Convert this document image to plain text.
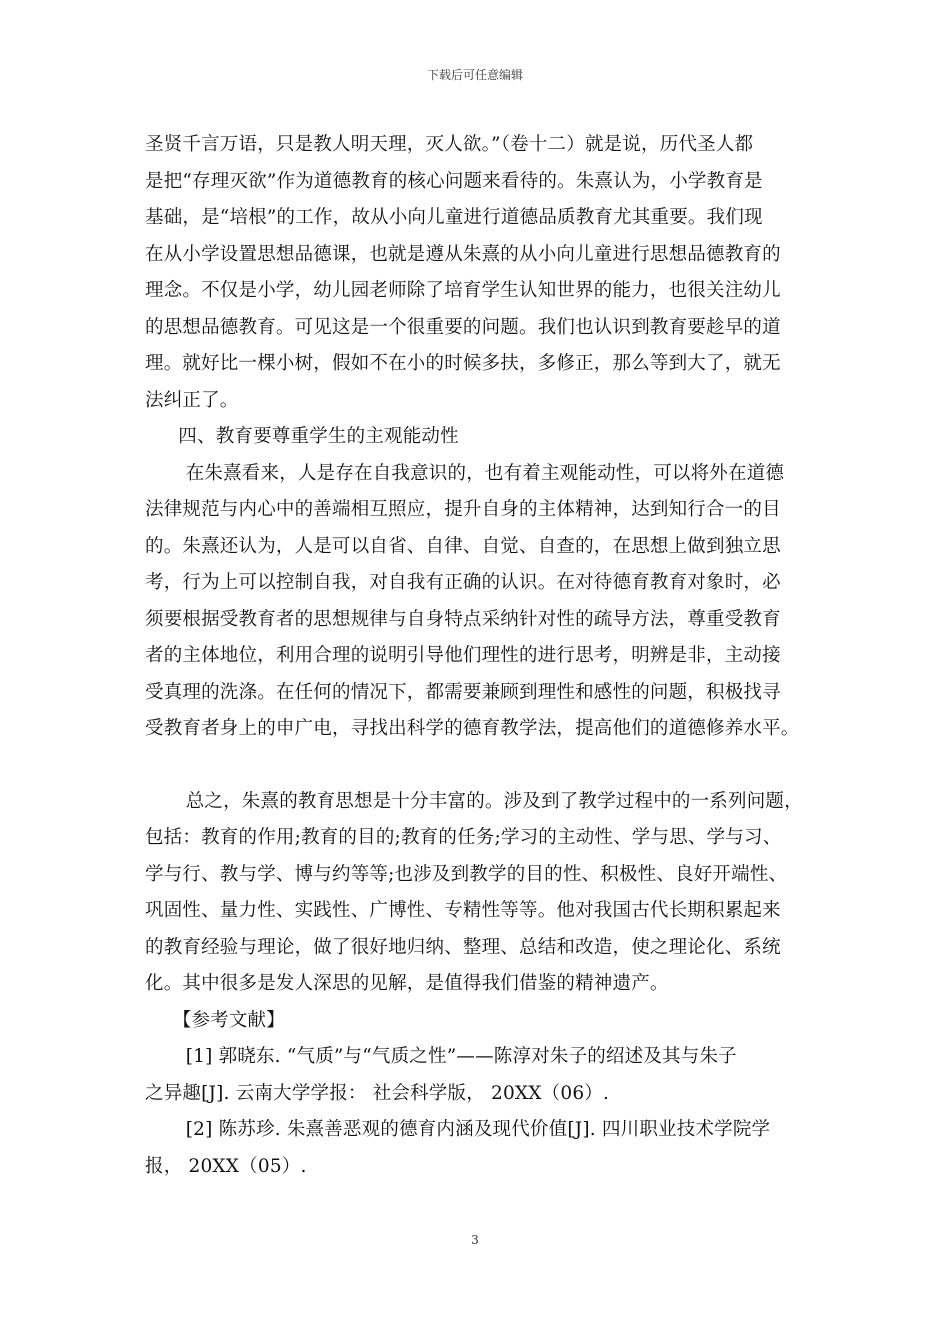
下载后可任意编辑

圣贤千言万语，只是教人明天理，灭人欲。”（卷十二）就是说，历代圣人都
是把“存理灭欲”作为道德教育的核心问题来看待的。朱熹认为，小学教育是
基础，是“培根”的工作，故从小向儿童进行道德品质教育尤其重要。我们现
在从小学设置思想品德课，也就是遵从朱熹的从小向儿童进行思想品德教育的
理念。不仅是小学，幼儿园老师除了培育学生认知世界的能力，也很关注幼儿
的思想品德教育。可见这是一个很重要的问题。我们也认识到教育要趁早的道
理。就好比一棵小树，假如不在小的时候多扶，多修正，那么等到大了，就无
法纠正了。

四、教育要尊重学生的主观能动性

在朱熹看来，人是存在自我意识的，也有着主观能动性，可以将外在道德
法律规范与内心中的善端相互照应，提升自身的主体精神，达到知行合一的目
的。朱熹还认为，人是可以自省、自律、自觉、自查的，在思想上做到独立思
考，行为上可以控制自我，对自我有正确的认识。在对待德育教育对象时，必
须要根据受教育者的思想规律与自身特点采纳针对性的疏导方法，尊重受教育
者的主体地位，利用合理的说明引导他们理性的进行思考，明辨是非，主动接
受真理的洗涤。在任何的情况下，都需要兼顾到理性和感性的问题，积极找寻
受教育者身上的申广电，寻找出科学的德育教学法，提高他们的道德修养水平。

总之，朱熹的教育思想是十分丰富的。涉及到了教学过程中的一系列问题，
包括：教育的作用;教育的目的;教育的任务;学习的主动性、学与思、学与习、
学与行、教与学、博与约等等;也涉及到教学的目的性、积极性、良好开端性、
巩固性、量力性、实践性、广博性、专精性等等。他对我国古代长期积累起来
的教育经验与理论，做了很好地归纳、整理、总结和改造，使之理论化、系统
化。其中很多是发人深思的见解，是值得我们借鉴的精神遗产。

【参考文献】

[1] 郭晓东. “气质”与“气质之性”——陈淳对朱子的绍述及其与朱子
之异趣[J]. 云南大学学报： 社会科学版， 20XX（06）.

[2] 陈苏珍. 朱熹善恶观的德育内涵及现代价值[J]. 四川职业技术学院学
报， 20XX（05）.

3
